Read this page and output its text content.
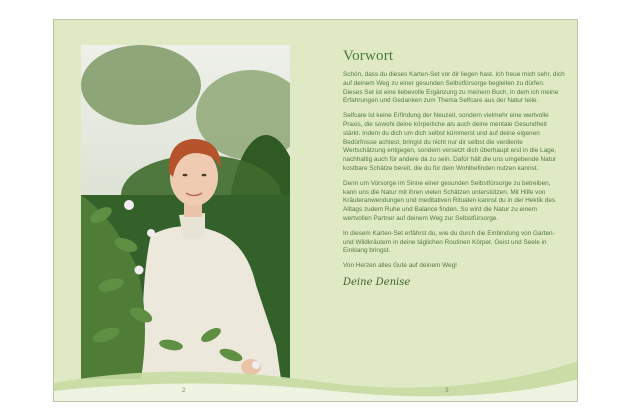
Vorwort

Schön, dass du dieses Karten-Set vor dir liegen hast. Ich freue mich sehr, dich auf deinem Weg zu einer gesunden Selbstfürsorge begleiten zu dürfen. Dieses Set ist eine liebevolle Ergänzung zu meinem Buch, in dem ich meine Erfahrungen und Gedanken zum Thema Selfcare aus der Natur teile.

Selfcare ist keine Erfindung der Neuzeit, sondern vielmehr eine wertvolle Praxis, die sowohl deine körperliche als auch deine mentale Gesundheit stärkt. Indem du dich um dich selbst kümmerst und auf deine eigenen Bedürfnisse achtest, bringst du nicht nur dir selbst die verdiente Wertschätzung entgegen, sondern versetzt dich überhaupt erst in die Lage, nachhaltig auch für andere da zu sein. Dafür hält die uns umgebende Natur kostbare Schätze bereit, die du für dein Wohlbefinden nutzen kannst.

Denn um Vorsorge im Sinne einer gesunden Selbstfürsorge zu betreiben, kann uns die Natur mit ihren vielen Schätzen unterstützen. Mit Hilfe von Kräuteranwendungen und meditativen Ritualen kannst du in der Hektik des Alltags zudem Ruhe und Balance finden. So wird die Natur zu einem wertvollen Partner auf deinem Weg zur Selbstfürsorge.

In diesem Karten-Set erfährst du, wie du durch die Einbindung von Garten- und Wildkräutern in deine täglichen Routinen Körper, Geist und Seele in Einklang bringst.

Von Herzen alles Gute auf deinem Weg!

Deine Denise
2	3
